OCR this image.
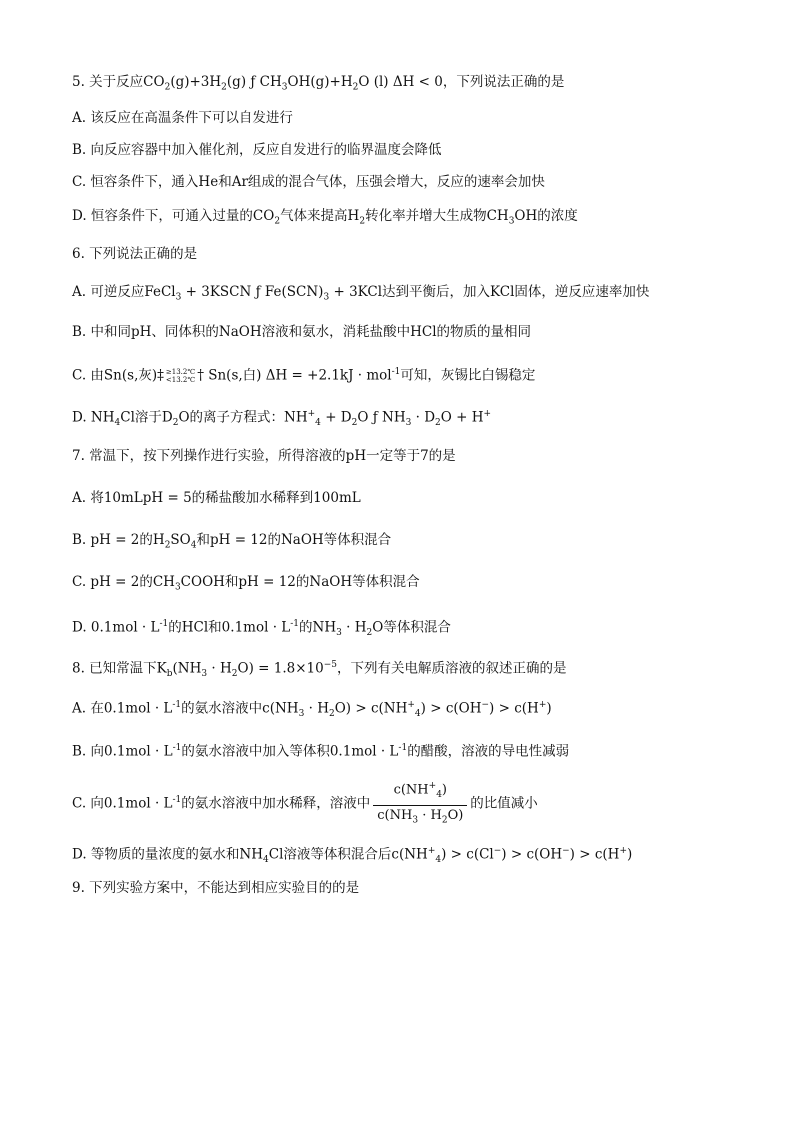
5. 关于反应$CO_2(g)+3H_2(g)$ ƒ $CH_3OH(g)+H_2O$ (l) ΔH < 0，下列说法正确的是
A. 该反应在高温条件下可以自发进行
B. 向反应容器中加入催化剂，反应自发进行的临界温度会降低
C. 恒容条件下，通入He和Ar组成的混合气体，压强会增大，反应的速率会加快
D. 恒容条件下，可通入过量的$CO_2$气体来提高$H_2$转化率并增大生成物$CH_3OH$的浓度
6. 下列说法正确的是
A. 可逆反应FeCl$_3$ + 3KSCN ƒ $Fe(SCN)_3 + 3KCl$达到平衡后，加入KCl固体，逆反应速率加快
B. 中和同pH、同体积的NaOH溶液和氨水，消耗盐酸中HCl的物质的量相同
C. 由Sn(s,灰)‡ ≥13.2℃
<13.2℃ † Sn(s,白) ΔH = +2.1kJ · mol$^{-1}$可知，灰锡比白锡稳定
D. $NH_4Cl$溶于$D_2O$的离子方程式：$NH^+_4 + D_2O$ ƒ $NH_3 \cdot D_2O + H^+$
7. 常温下，按下列操作进行实验，所得溶液的pH一定等于7的是
A. 将10mLpH = 5的稀盐酸加水稀释到100mL
B. pH = 2的$H_2SO_4$和pH = 12的NaOH等体积混合
C. pH = 2的$CH_3COOH$和pH = 12的NaOH等体积混合
D. $0.1mol \cdot L^{-1}$的HCl和$0.1mol \cdot L^{-1}$的$NH_3 \cdot H_2O$等体积混合
8. 已知常温下$K_b(NH_3 \cdot H_2O) = 1.8\times 10^{-5}$，下列有关电解质溶液的叙述正确的是
A. 在$0.1mol \cdot L^{-1}$的氨水溶液中$c(NH_3 \cdot H_2O) > c(NH^+_4) > c(OH^-) > c(H^+)$
B. 向$0.1mol \cdot L^{-1}$的氨水溶液中加入等体积$0.1mol \cdot L^{-1}$的醋酸，溶液的导电性减弱
C. 向$0.1mol \cdot L^{-1}$的氨水溶液中加水稀释，溶液中 $\frac{c(NH^+_4)}{c(NH_3 \cdot H_2O)}$ 的比值减小
D. 等物质的量浓度的氨水和$NH_4Cl$溶液等体积混合后$c(NH^+_4) > c(Cl^-) > c(OH^-) > c(H^+)$
9. 下列实验方案中，不能达到相应实验目的的是
